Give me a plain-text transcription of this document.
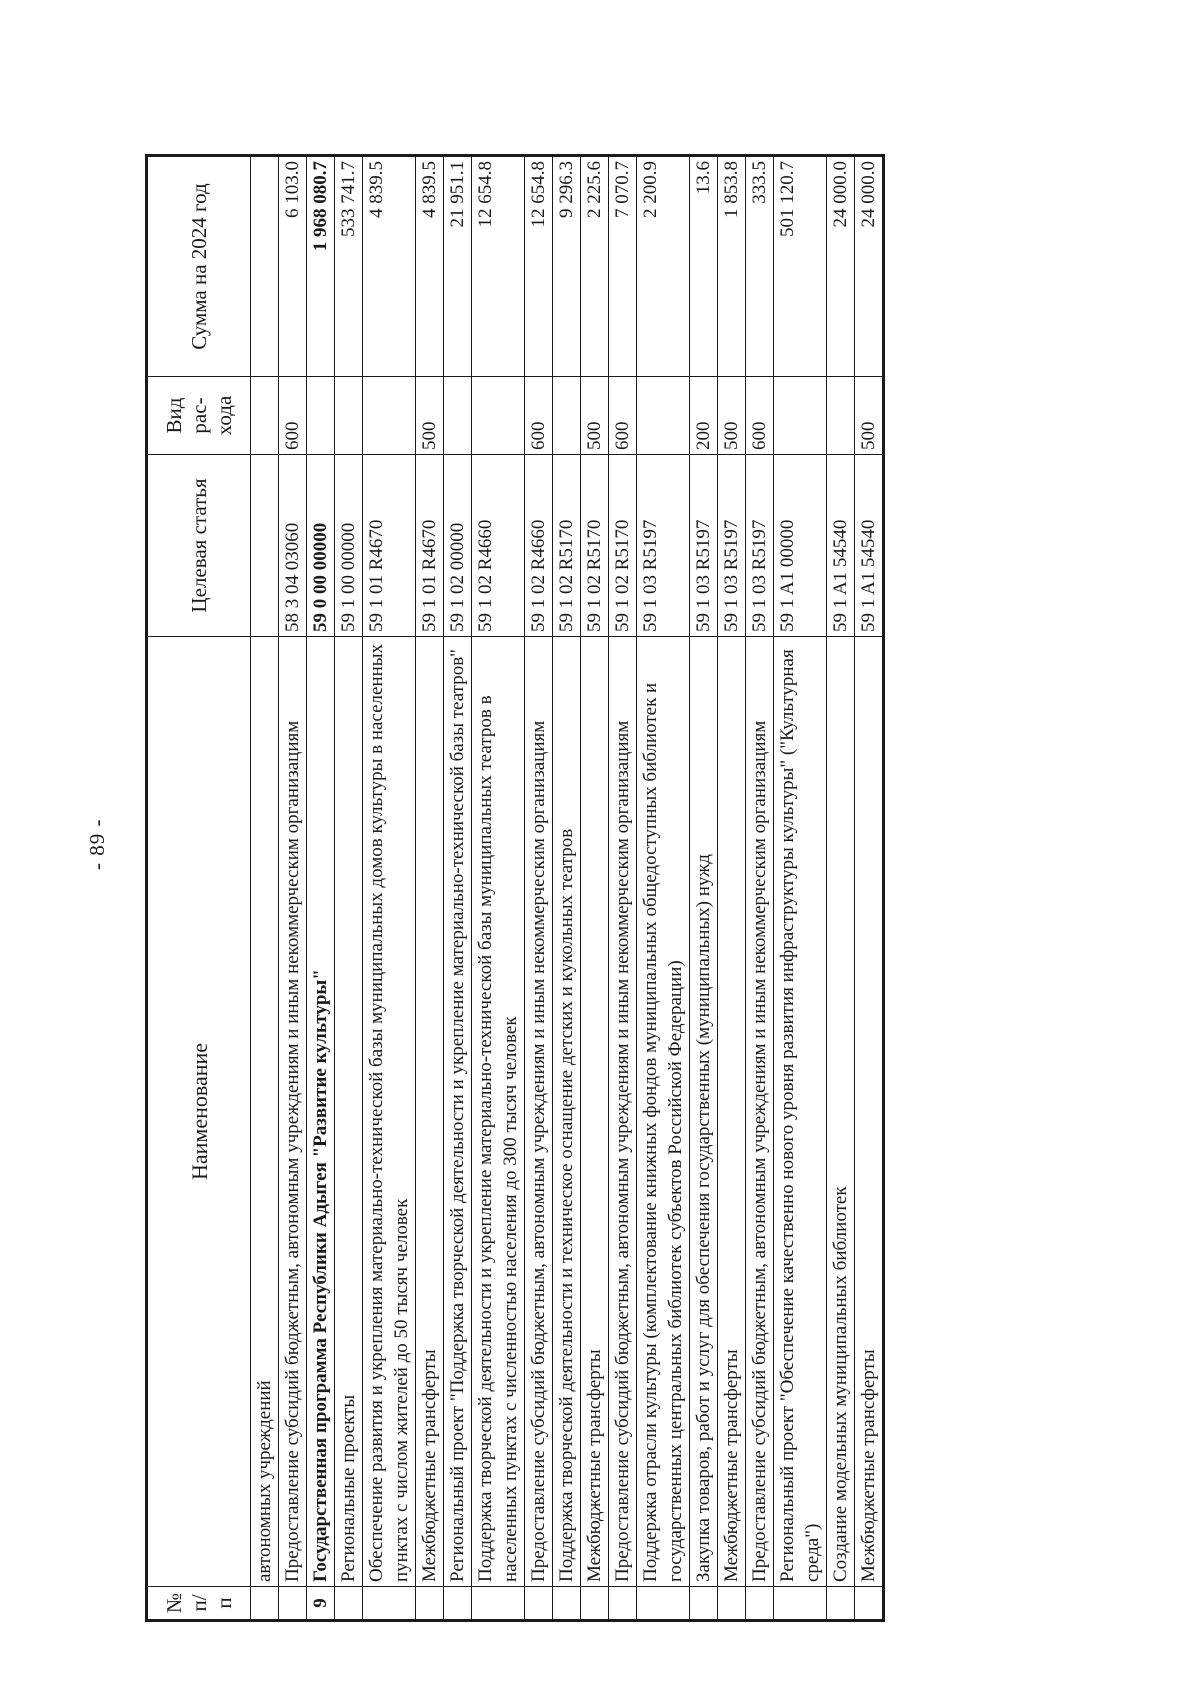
- 89 -
№ п/п	Наименование	Целевая статья	Вид рас- хода	Сумма на 2024 год
	автономных учреждений			
	Предоставление субсидий бюджетным, автономным учреждениям и иным некоммерческим организациям	58 3 04 03060	600	6 103.0
9	Государственная программа Республики Адыгея "Развитие культуры"	59 0 00 00000		1 968 080.7
	Региональные проекты	59 1 00 00000		533 741.7
	Обеспечение развития и укрепления материально-технической базы муниципальных домов культуры в населенных пунктах с числом жителей до 50 тысяч человек	59 1 01 R4670		4 839.5
	Межбюджетные трансферты	59 1 01 R4670	500	4 839.5
	Региональный проект "Поддержка творческой деятельности и укрепление материально-технической базы театров"	59 1 02 00000		21 951.1
	Поддержка творческой деятельности и укрепление материально-технической базы муниципальных театров в населенных пунктах с численностью населения до 300 тысяч человек	59 1 02 R4660		12 654.8
	Предоставление субсидий бюджетным, автономным учреждениям и иным некоммерческим организациям	59 1 02 R4660	600	12 654.8
	Поддержка творческой деятельности и техническое оснащение детских и кукольных театров	59 1 02 R5170		9 296.3
	Межбюджетные трансферты	59 1 02 R5170	500	2 225.6
	Предоставление субсидий бюджетным, автономным учреждениям и иным некоммерческим организациям	59 1 02 R5170	600	7 070.7
	Поддержка отрасли культуры (комплектование книжных фондов муниципальных общедоступных библиотек и государственных центральных библиотек субъектов Российской Федерации)	59 1 03 R5197		2 200.9
	Закупка товаров, работ и услуг для обеспечения государственных (муниципальных) нужд	59 1 03 R5197	200	13.6
	Межбюджетные трансферты	59 1 03 R5197	500	1 853.8
	Предоставление субсидий бюджетным, автономным учреждениям и иным некоммерческим организациям	59 1 03 R5197	600	333.5
	Региональный проект "Обеспечение качественно нового уровня развития инфраструктуры культуры" ("Культурная среда")	59 1 A1 00000		501 120.7
	Создание модельных муниципальных библиотек	59 1 A1 54540		24 000.0
	Межбюджетные трансферты	59 1 A1 54540	500	24 000.0
